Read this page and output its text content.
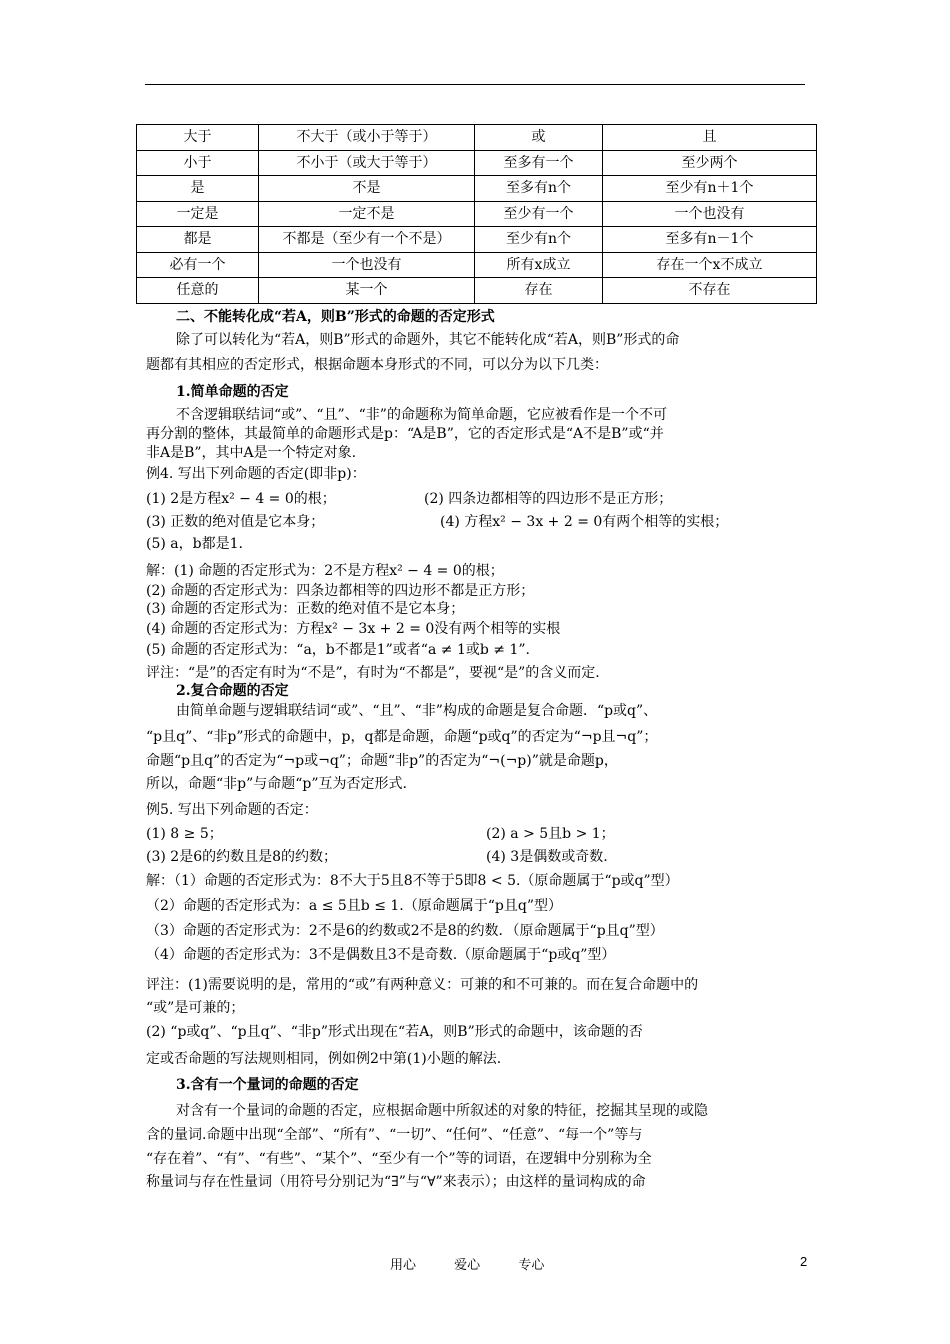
大于	不大于（或小于等于）	或	且
小于	不小于（或大于等于）	至多有一个	至少两个
是	不是	至多有n个	至少有n＋1个
一定是	一定不是	至少有一个	一个也没有
都是	不都是（至少有一个不是）	至少有n个	至多有n－1个
必有一个	一个也没有	所有x成立	存在一个x不成立
任意的	某一个	存在	不存在
二、不能转化成“若A，则B”形式的命题的否定形式
除了可以转化为“若A，则B”形式的命题外，其它不能转化成“若A，则B”形式的命
题都有其相应的否定形式，根据命题本身形式的不同，可以分为以下几类：
1.简单命题的否定
不含逻辑联结词“或”、“且”、“非”的命题称为简单命题，它应被看作是一个不可
再分割的整体，其最简单的命题形式是p：“A是B”，它的否定形式是“A不是B”或“并
非A是B”，其中A是一个特定对象.
例4. 写出下列命题的否定(即非p)：
(1) 2是方程x² − 4 = 0的根；	(2) 四条边都相等的四边形不是正方形；
(3) 正数的绝对值是它本身；	(4) 方程x² − 3x + 2 = 0有两个相等的实根；
(5) a，b都是1.
解：(1) 命题的否定形式为：2不是方程x² − 4 = 0的根；
(2) 命题的否定形式为：四条边都相等的四边形不都是正方形；
(3) 命题的否定形式为：正数的绝对值不是它本身；
(4) 命题的否定形式为：方程x² − 3x + 2 = 0没有两个相等的实根
(5) 命题的否定形式为：“a，b不都是1”或者“a ≠ 1或b ≠ 1”.
评注：“是”的否定有时为“不是”，有时为“不都是”，要视“是”的含义而定.
2.复合命题的否定
由简单命题与逻辑联结词“或”、“且”、“非”构成的命题是复合命题．“p或q”、
“p且q”、“非p”形式的命题中，p，q都是命题，命题“p或q”的否定为“¬p且¬q”；
命题“p且q”的否定为“¬p或¬q”；命题“非p”的否定为“¬(¬p)”就是命题p，
所以，命题“非p”与命题“p”互为否定形式.
例5. 写出下列命题的否定：
(1) 8 ≥ 5；	(2) a > 5且b > 1；
(3) 2是6的约数且是8的约数；	(4) 3是偶数或奇数.
解：（1）命题的否定形式为：8不大于5且8不等于5即8 < 5.（原命题属于“p或q”型）
（2）命题的否定形式为：a ≤ 5且b ≤ 1.（原命题属于“p且q”型）
（3）命题的否定形式为：2不是6的约数或2不是8的约数．（原命题属于“p且q”型）
（4）命题的否定形式为：3不是偶数且3不是奇数.（原命题属于“p或q”型）
评注：(1)需要说明的是，常用的“或”有两种意义：可兼的和不可兼的。而在复合命题中的
“或”是可兼的；
(2) “p或q”、“p且q”、“非p”形式出现在“若A，则B”形式的命题中，该命题的否
定或否命题的写法规则相同，例如例2中第(1)小题的解法.
3.含有一个量词的命题的否定
对含有一个量词的命题的否定，应根据命题中所叙述的对象的特征，挖掘其呈现的或隐
含的量词.命题中出现“全部”、“所有”、“一切”、“任何”、“任意”、“每一个”等与
“存在着”、“有”、“有些”、“某个”、“至少有一个”等的词语，在逻辑中分别称为全
称量词与存在性量词（用符号分别记为“∃”与“∀”来表示）；由这样的量词构成的命
用心	爱心	专心	2
